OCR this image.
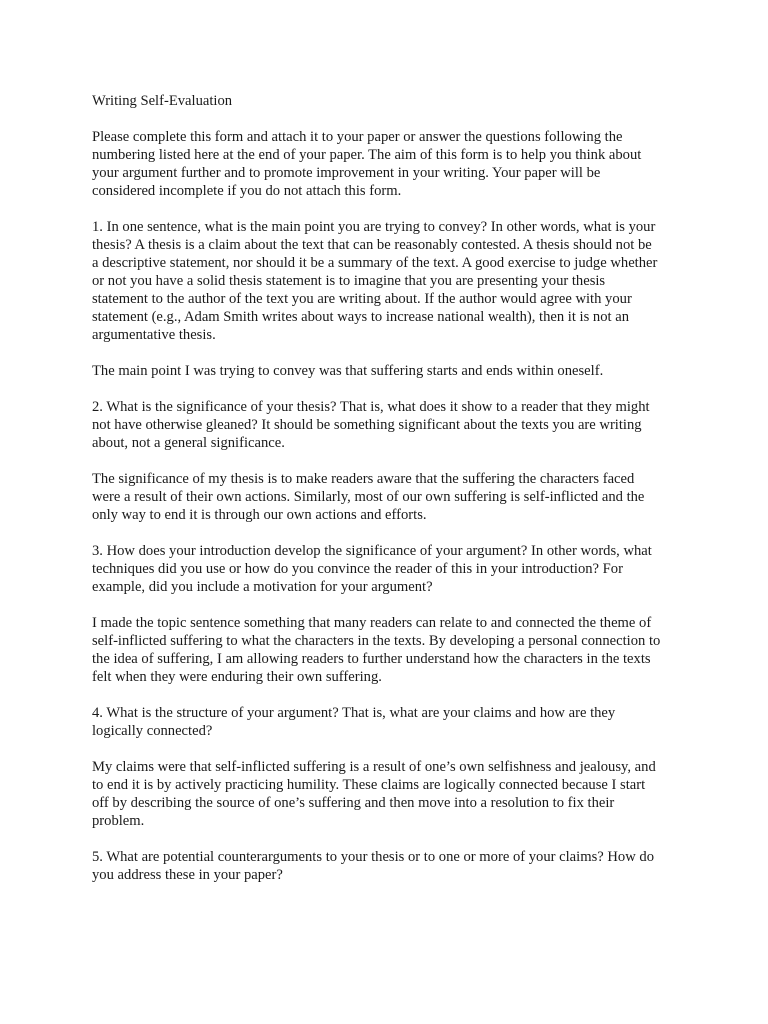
Writing Self-Evaluation
Please complete this form and attach it to your paper or answer the questions following the
numbering listed here at the end of your paper. The aim of this form is to help you think about
your argument further and to promote improvement in your writing. Your paper will be
considered incomplete if you do not attach this form.
1. In one sentence, what is the main point you are trying to convey? In other words, what is your
thesis? A thesis is a claim about the text that can be reasonably contested. A thesis should not be
a descriptive statement, nor should it be a summary of the text. A good exercise to judge whether
or not you have a solid thesis statement is to imagine that you are presenting your thesis
statement to the author of the text you are writing about. If the author would agree with your
statement (e.g., Adam Smith writes about ways to increase national wealth), then it is not an
argumentative thesis.
The main point I was trying to convey was that suffering starts and ends within oneself.
2. What is the significance of your thesis? That is, what does it show to a reader that they might
not have otherwise gleaned? It should be something significant about the texts you are writing
about, not a general significance.
The significance of my thesis is to make readers aware that the suffering the characters faced
were a result of their own actions. Similarly, most of our own suffering is self-inflicted and the
only way to end it is through our own actions and efforts.
3. How does your introduction develop the significance of your argument? In other words, what
techniques did you use or how do you convince the reader of this in your introduction? For
example, did you include a motivation for your argument?
I made the topic sentence something that many readers can relate to and connected the theme of
self-inflicted suffering to what the characters in the texts. By developing a personal connection to
the idea of suffering, I am allowing readers to further understand how the characters in the texts
felt when they were enduring their own suffering.
4. What is the structure of your argument? That is, what are your claims and how are they
logically connected?
My claims were that self-inflicted suffering is a result of one’s own selfishness and jealousy, and
to end it is by actively practicing humility. These claims are logically connected because I start
off by describing the source of one’s suffering and then move into a resolution to fix their
problem.
5. What are potential counterarguments to your thesis or to one or more of your claims? How do
you address these in your paper?
